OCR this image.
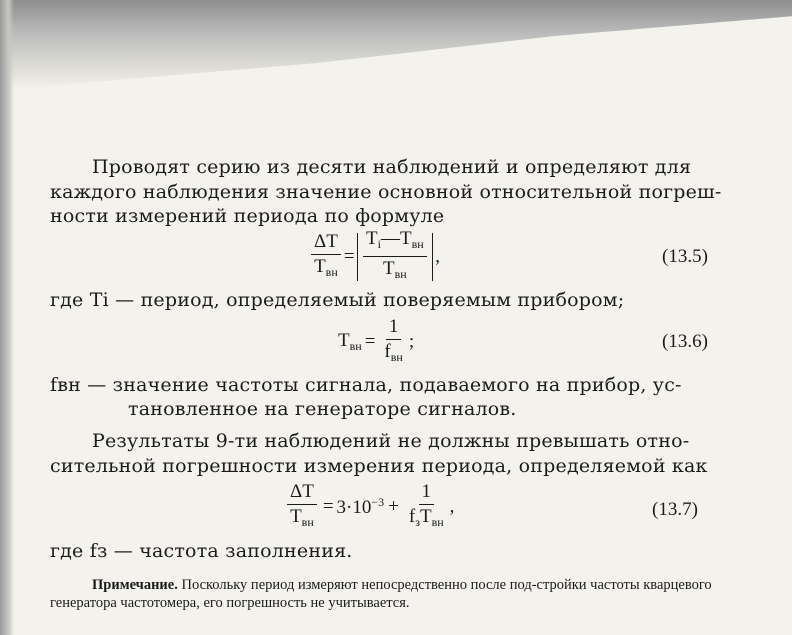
Проводят серию из десяти наблюдений и определяют для
каждого наблюдения значение основной относительной погреш-
ности измерений периода по формуле
$\frac{\Delta T}{T_{вн}} = \frac{T_i—T_{вн}}{T_{вн}}$ ,	(13.5)
где Ti — период, определяемый поверяемым прибором;
$T_{вн} = \frac{1}{f_{вн}}$ ;	(13.6)
fвн — значение частоты сигнала, подаваемого на прибор, ус-
тановленное на генераторе сигналов.
Результаты 9-ти наблюдений не должны превышать отно-
сительной погрешности измерения периода, определяемой как
$\frac{\Delta T}{T_{вн}} = 3\cdot 10^{-3} + \frac{1}{f_зT_{вн}}$ ,	(13.7)
где fз — частота заполнения.
Примечание. Поскольку период измеряют непосредственно после под-стройки частоты кварцевого генератора частотомера, его погрешность не учитывается.
